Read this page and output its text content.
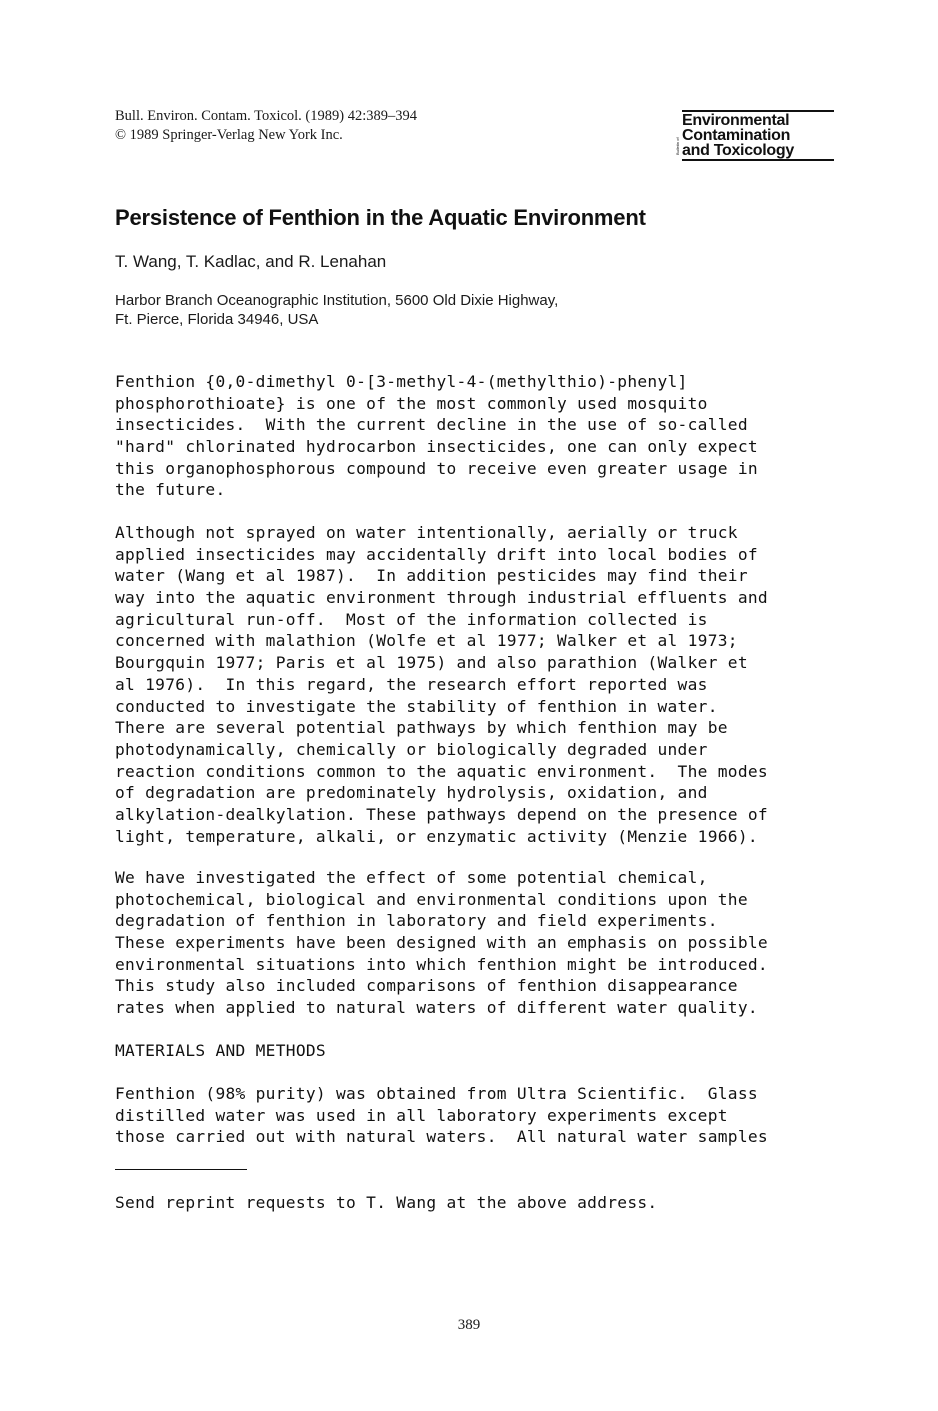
Bull. Environ. Contam. Toxicol. (1989) 42:389–394
© 1989 Springer-Verlag New York Inc.
Bulletin of
Environmental
Contamination
and Toxicology
Persistence of Fenthion in the Aquatic Environment
T. Wang, T. Kadlac, and R. Lenahan
Harbor Branch Oceanographic Institution, 5600 Old Dixie Highway,
Ft. Pierce, Florida 34946, USA
Fenthion {0,0-dimethyl 0-[3-methyl-4-(methylthio)-phenyl]
phosphorothioate} is one of the most commonly used mosquito
insecticides.  With the current decline in the use of so-called
"hard" chlorinated hydrocarbon insecticides, one can only expect
this organophosphorous compound to receive even greater usage in
the future.
Although not sprayed on water intentionally, aerially or truck
applied insecticides may accidentally drift into local bodies of
water (Wang et al 1987).  In addition pesticides may find their
way into the aquatic environment through industrial effluents and
agricultural run-off.  Most of the information collected is
concerned with malathion (Wolfe et al 1977; Walker et al 1973;
Bourgquin 1977; Paris et al 1975) and also parathion (Walker et
al 1976).  In this regard, the research effort reported was
conducted to investigate the stability of fenthion in water.
There are several potential pathways by which fenthion may be
photodynamically, chemically or biologically degraded under
reaction conditions common to the aquatic environment.  The modes
of degradation are predominately hydrolysis, oxidation, and
alkylation-dealkylation. These pathways depend on the presence of
light, temperature, alkali, or enzymatic activity (Menzie 1966).
We have investigated the effect of some potential chemical,
photochemical, biological and environmental conditions upon the
degradation of fenthion in laboratory and field experiments.
These experiments have been designed with an emphasis on possible
environmental situations into which fenthion might be introduced.
This study also included comparisons of fenthion disappearance
rates when applied to natural waters of different water quality.
MATERIALS AND METHODS
Fenthion (98% purity) was obtained from Ultra Scientific.  Glass
distilled water was used in all laboratory experiments except
those carried out with natural waters.  All natural water samples
Send reprint requests to T. Wang at the above address.
389
